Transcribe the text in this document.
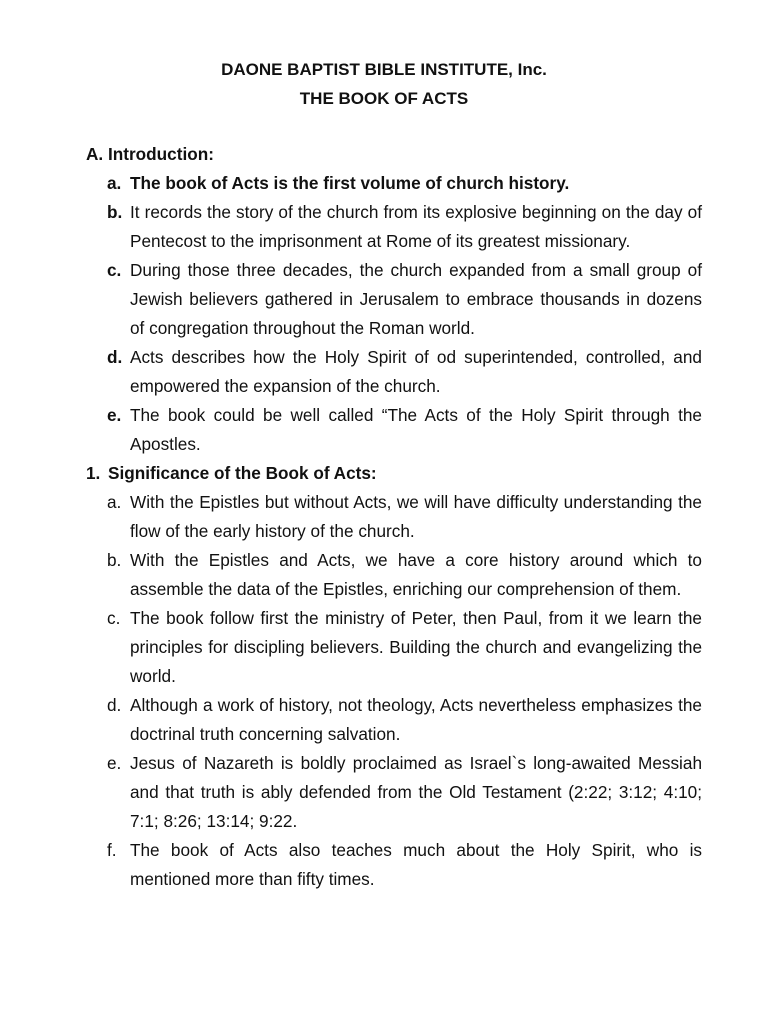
DAONE BAPTIST BIBLE INSTITUTE, Inc.
THE BOOK OF ACTS
A. Introduction:
a. The book of Acts is the first volume of church history.
b. It records the story of the church from its explosive beginning on the day of Pentecost to the imprisonment at Rome of its greatest missionary.
c. During those three decades, the church expanded from a small group of Jewish believers gathered in Jerusalem to embrace thousands in dozens of congregation throughout the Roman world.
d. Acts describes how the Holy Spirit of od superintended, controlled, and empowered the expansion of the church.
e. The book could be well called “The Acts of the Holy Spirit through the Apostles.
1. Significance of the Book of Acts:
a. With the Epistles but without Acts, we will have difficulty understanding the flow of the early history of the church.
b. With the Epistles and Acts, we have a core history around which to assemble the data of the Epistles, enriching our comprehension of them.
c. The book follow first the ministry of Peter, then Paul, from it we learn the principles for discipling believers. Building the church and evangelizing the world.
d. Although a work of history, not theology, Acts nevertheless emphasizes the doctrinal truth concerning salvation.
e. Jesus of Nazareth is boldly proclaimed as Israel`s long-awaited Messiah and that truth is ably defended from the Old Testament (2:22; 3:12; 4:10; 7:1; 8:26; 13:14; 9:22.
f. The book of Acts also teaches much about the Holy Spirit, who is mentioned more than fifty times.
